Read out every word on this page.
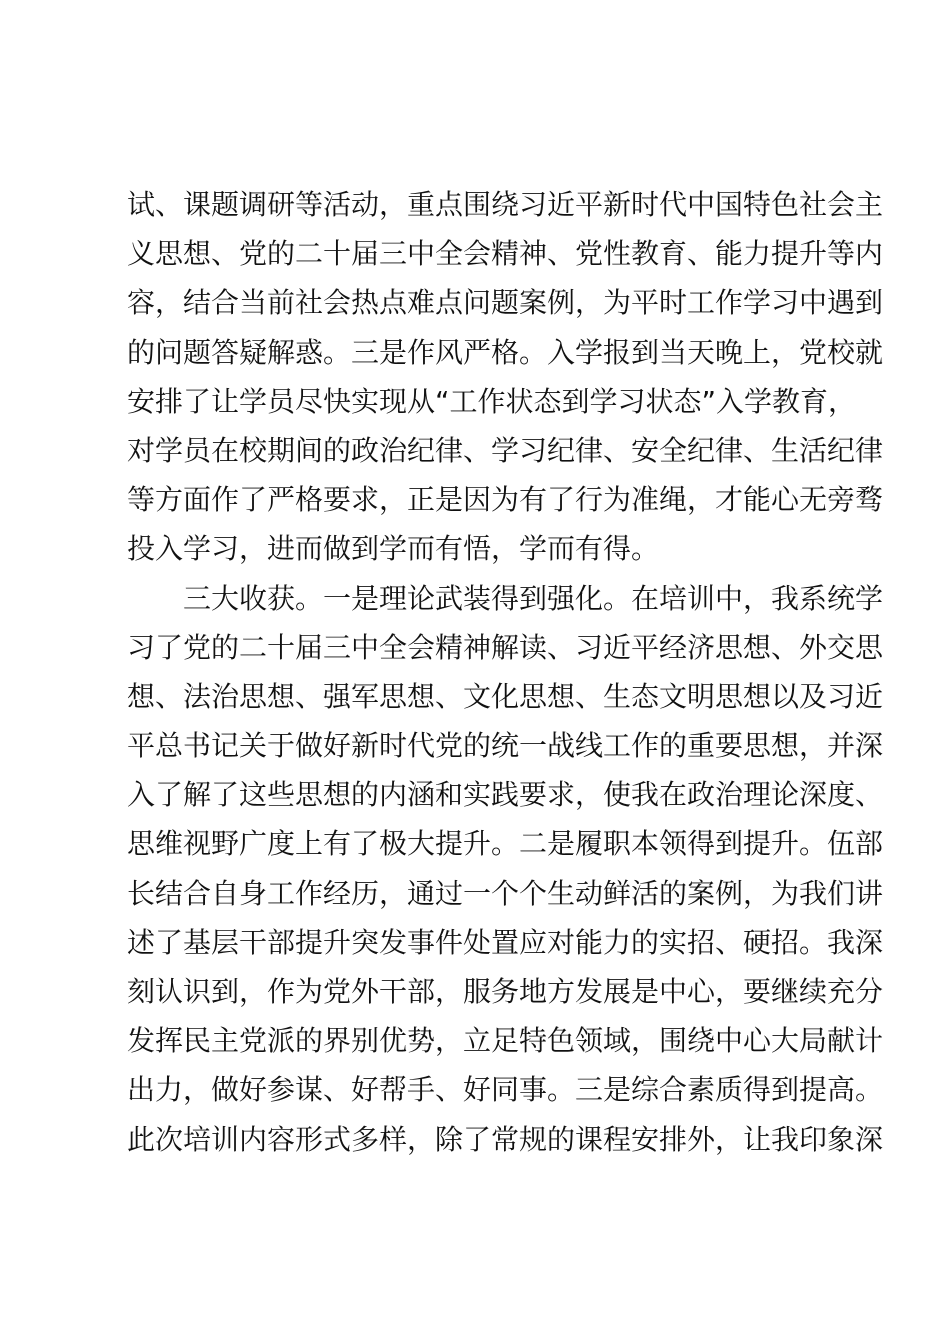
试、课题调研等活动，重点围绕习近平新时代中国特色社会主
义思想、党的二十届三中全会精神、党性教育、能力提升等内
容，结合当前社会热点难点问题案例，为平时工作学习中遇到
的问题答疑解惑。三是作风严格。入学报到当天晚上，党校就
安排了让学员尽快实现从“工作状态到学习状态”入学教育，
对学员在校期间的政治纪律、学习纪律、安全纪律、生活纪律
等方面作了严格要求，正是因为有了行为准绳，才能心无旁骛
投入学习，进而做到学而有悟，学而有得。
三大收获。一是理论武装得到强化。在培训中，我系统学
习了党的二十届三中全会精神解读、习近平经济思想、外交思
想、法治思想、强军思想、文化思想、生态文明思想以及习近
平总书记关于做好新时代党的统一战线工作的重要思想，并深
入了解了这些思想的内涵和实践要求，使我在政治理论深度、
思维视野广度上有了极大提升。二是履职本领得到提升。伍部
长结合自身工作经历，通过一个个生动鲜活的案例，为我们讲
述了基层干部提升突发事件处置应对能力的实招、硬招。我深
刻认识到，作为党外干部，服务地方发展是中心，要继续充分
发挥民主党派的界别优势，立足特色领域，围绕中心大局献计
出力，做好参谋、好帮手、好同事。三是综合素质得到提高。
此次培训内容形式多样，除了常规的课程安排外，让我印象深
